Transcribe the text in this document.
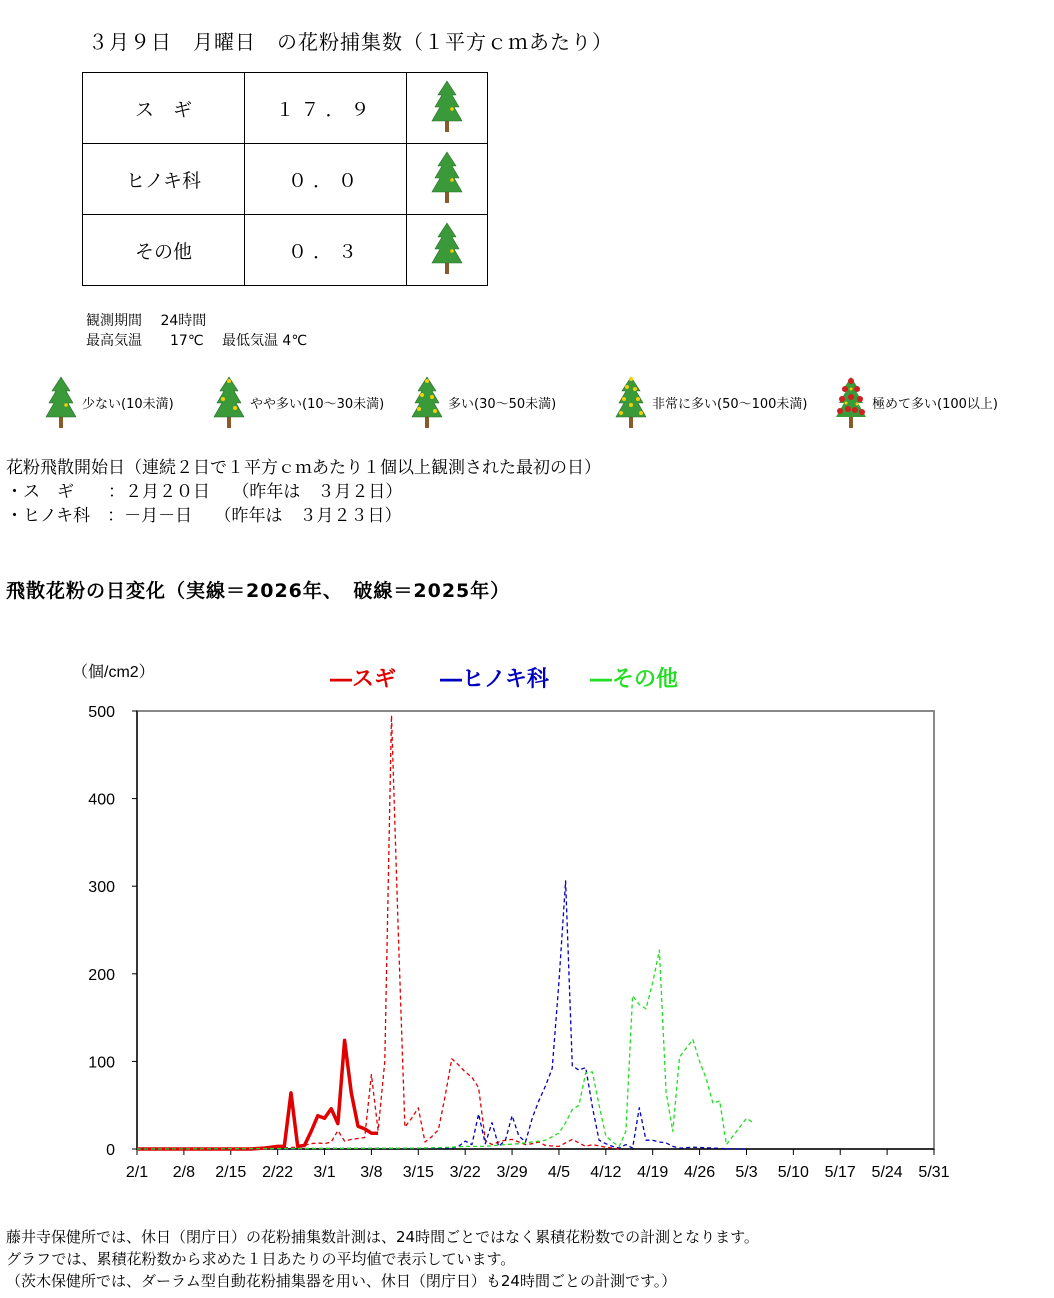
３月９日　月曜日　の花粉捕集数（１平方ｃｍあたり）
ス　ギ	１７．９	
ヒノキ科	０．０	
その他	０．３	
観測期間　 24時間
最高気温　　17℃　 最低気温 4℃
少ない(10未満)	やや多い(10～30未満)	多い(30～50未満)	非常に多い(50～100未満)	極めて多い(100以上)
花粉飛散開始日（連続２日で１平方ｃｍあたり１個以上観測された最初の日）
・ス　ギ　　：２月２０日　 （昨年は　３月２日）
・ヒノキ科　：－月－日　 （昨年は　３月２３日）
飛散花粉の日変化（実線＝2026年、　破線＝2025年）
0
100
200
300
400
500
2/1 2/8 2/15 2/22 3/1 3/8 3/15 3/22 3/29 4/5 4/12 4/19 4/26 5/3 5/10 5/17 5/24 5/31
（個/cm2）	―スギ ―ヒノキ科 ―その他
藤井寺保健所では、休日（閉庁日）の花粉捕集数計測は、24時間ごとではなく累積花粉数での計測となります。
グラフでは、累積花粉数から求めた１日あたりの平均値で表示しています。
（茨木保健所では、ダーラム型自動花粉捕集器を用い、休日（閉庁日）も24時間ごとの計測です。）
